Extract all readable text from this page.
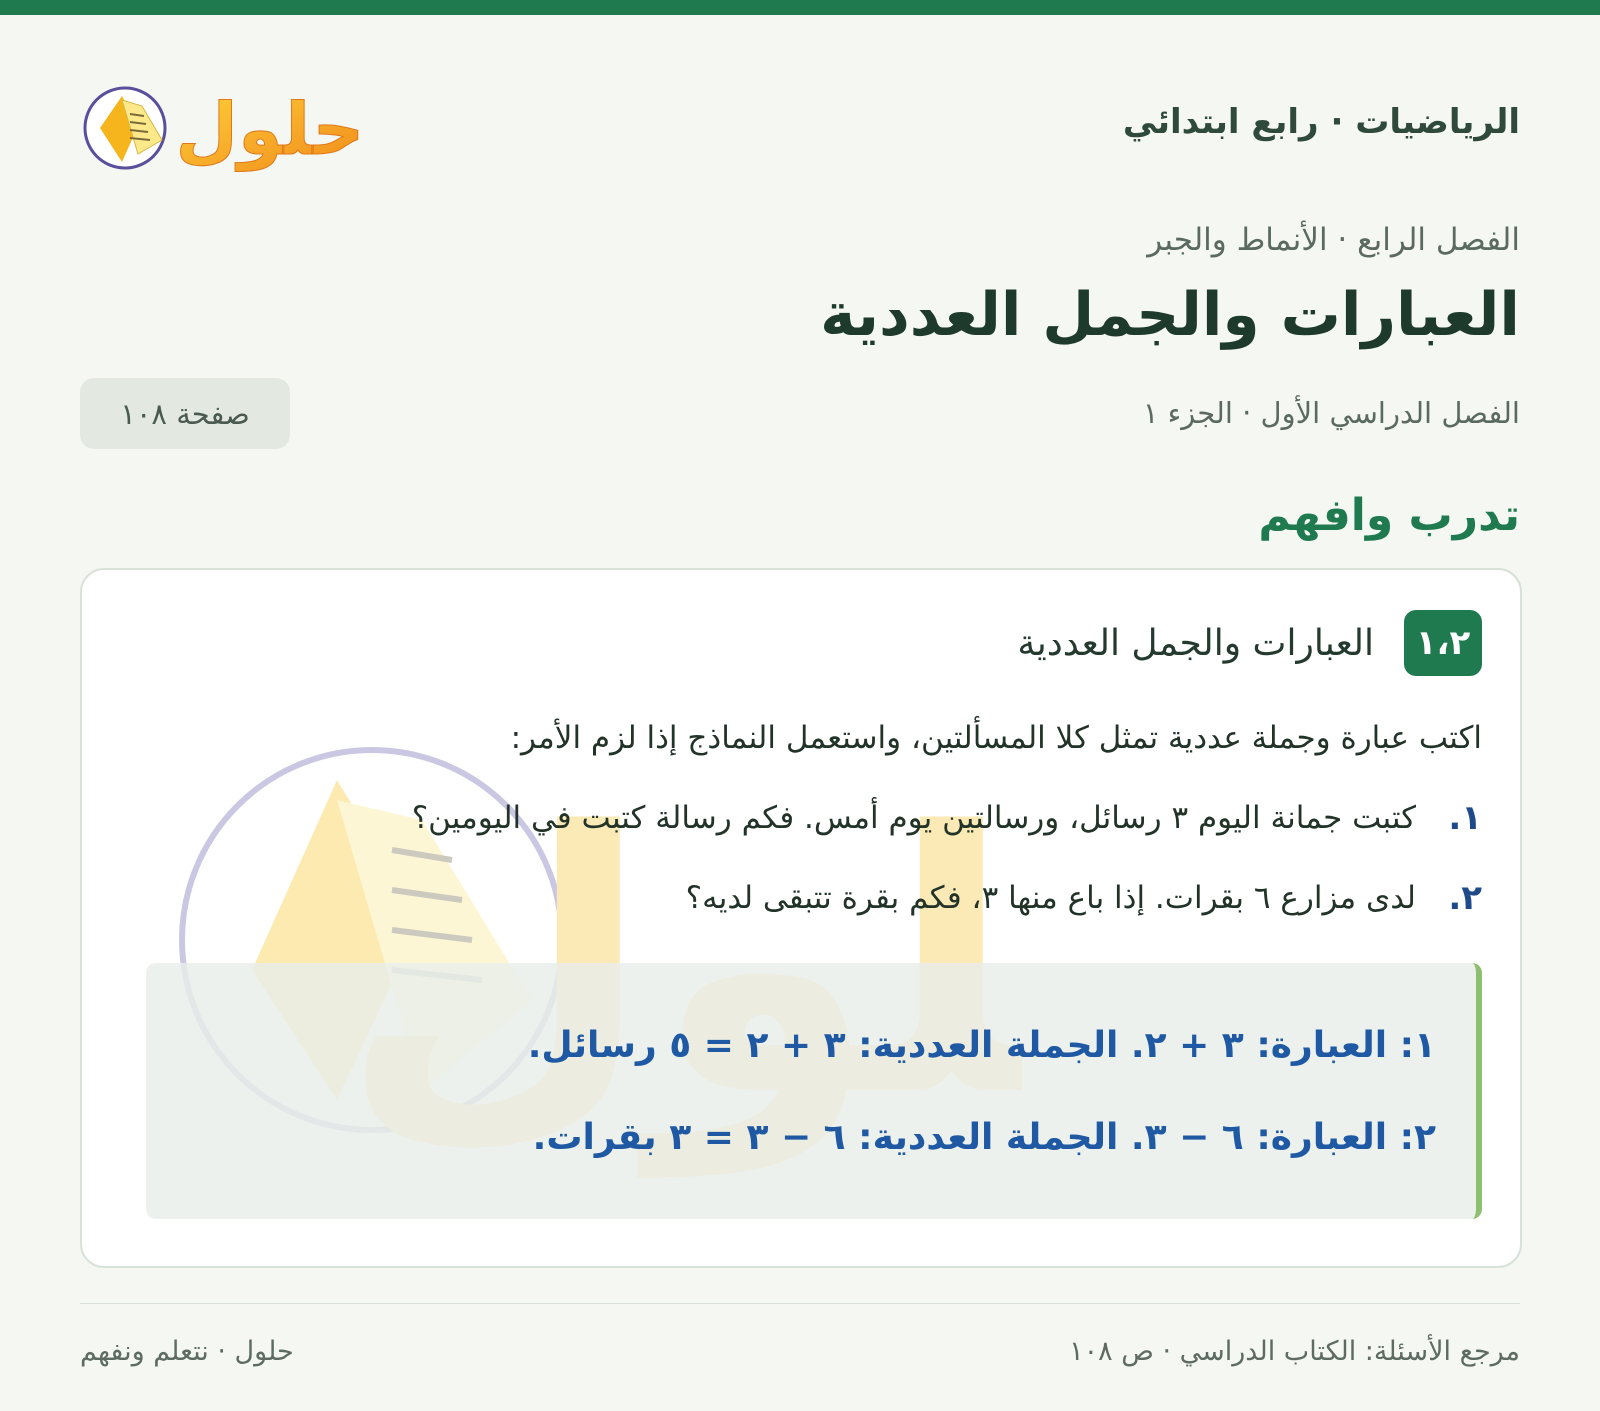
حلول	الرياضيات · رابع ابتدائي
الفصل الرابع · الأنماط والجبر
العبارات والجمل العددية
الفصل الدراسي الأول · الجزء ١
صفحة ١٠٨
تدرب وافهم
١،٢
العبارات والجمل العددية
اكتب عبارة وجملة عددية تمثل كلا المسألتين، واستعمل النماذج إذا لزم الأمر:
١.
كتبت جمانة اليوم ٣ رسائل، ورسالتين يوم أمس. فكم رسالة كتبت في اليومين؟
٢.
لدى مزارع ٦ بقرات. إذا باع منها ٣، فكم بقرة تتبقى لديه؟
١: العبارة: ٣ + ٢. الجملة العددية: ٣ + ٢ = ٥ رسائل.
٢: العبارة: ٦ − ٣. الجملة العددية: ٦ − ٣ = ٣ بقرات.
مرجع الأسئلة: الكتاب الدراسي · ص ١٠٨
حلول · نتعلم ونفهم
